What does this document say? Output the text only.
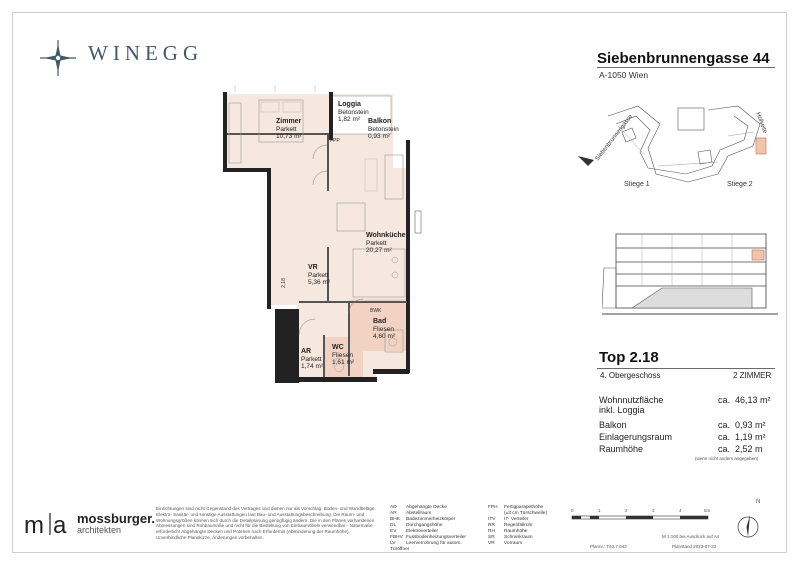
WINEGG	Siebenbrunnengasse 44
A-1050 Wien
Zimmer
Parkett
10,73 m²
Loggia
Betonstein
1,82 m²	Balkon
Betonstein
0,93 m²
Wohnküche
Parkett
20,27 m²
VR
Parkett
5,36 m²
Bad
Fliesen
4,60 m²
AR
Parkett
1,74 m²
WC
Fliesen
1,61 m²
BWK
FPP
2,18
Siebenbrunnengasse	Hofseite
Stiege 1	Stiege 2
Top 2.18
4. Obergeschoss	2 ZIMMER
Wohnnutzfläche
inkl. Loggia
ca. 46,13 m²
Balkon	ca. 0,93 m²
Einlagerungsraum	ca. 1,19 m²
Raumhöhe	ca. 2,52 m
(wenn nicht anders angegeben)
m a mossburger.
architekten
Einrichtungen sind nicht Gegenstand des Vertrages und dienen nur als Vorschlag. Boden- und Wandbeläge, Elektro- Sanitär- und sonstige Ausstattungen laut Bau- und Ausstattungsbeschreibung. Die Raum- und Wohnungsgrößen können sich durch die Detailplanung geringfügig ändern. Die in den Plänen vorhandenen Abmessungen sind Rohbaumaße und nicht für die Bestellung von Einbaumöbeln verwendbar - Naturmaße erforderlich! Abgehängte Decken und Poterien nach Erfordernis (Abminderung der Raumhöhe). Unverbindliche Planskizze, Änderungen vorbehalten.
AD Abgehängte Decke
AR Abstellraum
BHK Badezimmerheizkörper
DL Durchgangshöhe
EV Elektroverteiler
FBHV Fussbodenheizungsverteiler
LV Leerverrohrung für autom. Türöffner
FPH Fertigparapethöhe
(±3 cm Türschwelle)
ITV IT- Verteiler
RR Regenfallrohr
RH Raumhöhe
SR Schrankraum
VR Vorraum
0	1	2	3	4	5m
M 1:100 bei Ausdruck auf A4
Plannr.: T63.7.043	Planstand 2023-07-22
N
